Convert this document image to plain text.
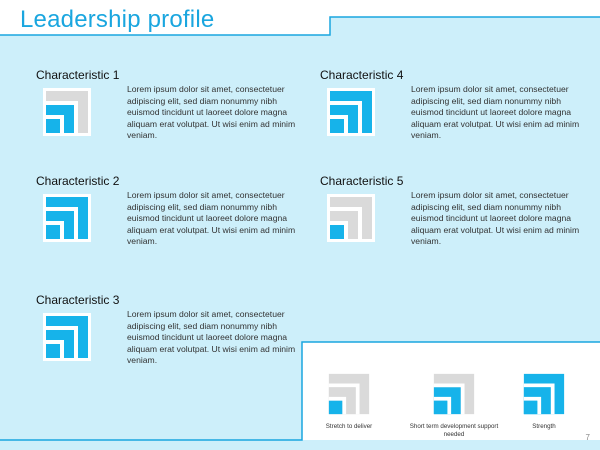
Leadership profile
Characteristic 1
Lorem ipsum dolor sit amet, consectetuer adipiscing elit, sed diam nonummy nibh euismod tincidunt ut laoreet dolore magna aliquam erat volutpat. Ut wisi enim ad minim veniam.
Characteristic 2
Lorem ipsum dolor sit amet, consectetuer adipiscing elit, sed diam nonummy nibh euismod tincidunt ut laoreet dolore magna aliquam erat volutpat. Ut wisi enim ad minim veniam.
Characteristic 3
Lorem ipsum dolor sit amet, consectetuer adipiscing elit, sed diam nonummy nibh euismod tincidunt ut laoreet dolore magna aliquam erat volutpat. Ut wisi enim ad minim veniam.
Characteristic 4
Lorem ipsum dolor sit amet, consectetuer adipiscing elit, sed diam nonummy nibh euismod tincidunt ut laoreet dolore magna aliquam erat volutpat. Ut wisi enim ad minim veniam.
Characteristic 5
Lorem ipsum dolor sit amet, consectetuer adipiscing elit, sed diam nonummy nibh euismod tincidunt ut laoreet dolore magna aliquam erat volutpat. Ut wisi enim ad minim veniam.
Stretch to deliver	Short term development support needed
Strength
7
